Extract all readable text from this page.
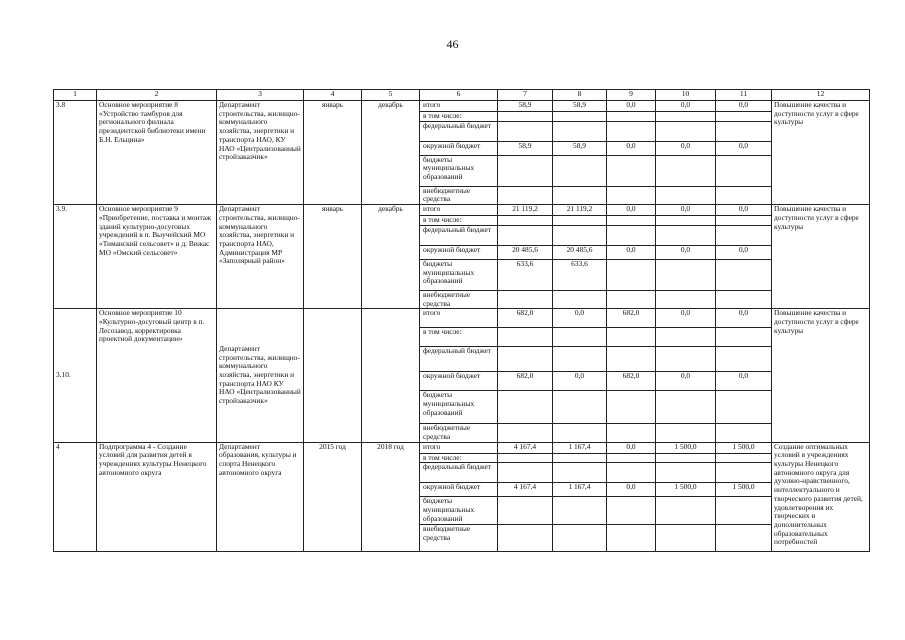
46
1	2	3	4	5	6	7	8	9	10	11	12
3.8	Основное мероприятие 8 «Устройство тамбуров для регионального филиала президентской библиотеки имени Б.Н. Ельцина»	Департамент строительства, жилищно-коммунального хозяйства, энергетики и транспорта НАО, КУ НАО «Централизованный стройзаказчик»	январь	декабрь	итого	58,9	58,9	0,0	0,0	0,0	Повышение качества и доступности услуг в сфере культуры
					в том числе:						
					федеральный бюджет						
					окружной бюджет	58,9	58,9	0,0	0,0	0,0	
					бюджеты муниципальных образований						
					внебюджетные средства						
3.9.	Основное мероприятие 9 «Приобретение, поставка и монтаж зданий культурно-досуговых учреждений в п. Выучейский МО «Тиманский сельсовет» и д. Вижас МО «Омский сельсовет»	Департамент строительства, жилищно-коммунального хозяйства, энергетики и транспорта НАО, Администрация МР «Заполярный район»	январь	декабрь	итого	21 119,2	21 119,2	0,0	0,0	0,0	Повышение качества и доступности услуг в сфере культуры
					в том числе:						
					федеральный бюджет						
					окружной бюджет	20 485,6	20 485,6	0,0	0,0	0,0	
					бюджеты муниципальных образований	633,6	633,6				
					внебюджетные средства						
3.10.	Основное мероприятие 10 «Культурно-досуговый центр в п. Лесозавод, корректировка проектной документации»	Департамент строительства, жилищно-коммунального хозяйства, энергетики и транспорта НАО КУ НАО «Централизованный стройзаказчик»			итого	682,0	0,0	682,0	0,0	0,0	Повышение качества и доступности услуг в сфере культуры
					в том числе:						
					федеральный бюджет						
					окружной бюджет	682,0	0,0	682,0	0,0	0,0	
					бюджеты муниципальных образований						
					внебюджетные средства						
4	Подпрограмма 4 - Создание условий для развития детей в учреждениях культуры Ненецкого автономного округа	Департамент образования, культуры и спорта Ненецкого автономного округа	2015 год	2018 год	итого	4 167,4	1 167,4	0,0	1 500,0	1 500,0	Создание оптимальных условий в учреждениях культуры Ненецкого автономного округа для духовно-нравственного, интеллектуального и творческого развития детей, удовлетворения их творческих и дополнительных образовательных потребностей
					в том числе:						
					федеральный бюджет						
					окружной бюджет	4 167,4	1 167,4	0,0	1 500,0	1 500,0	
					бюджеты муниципальных образований						
					внебюджетные средства						
